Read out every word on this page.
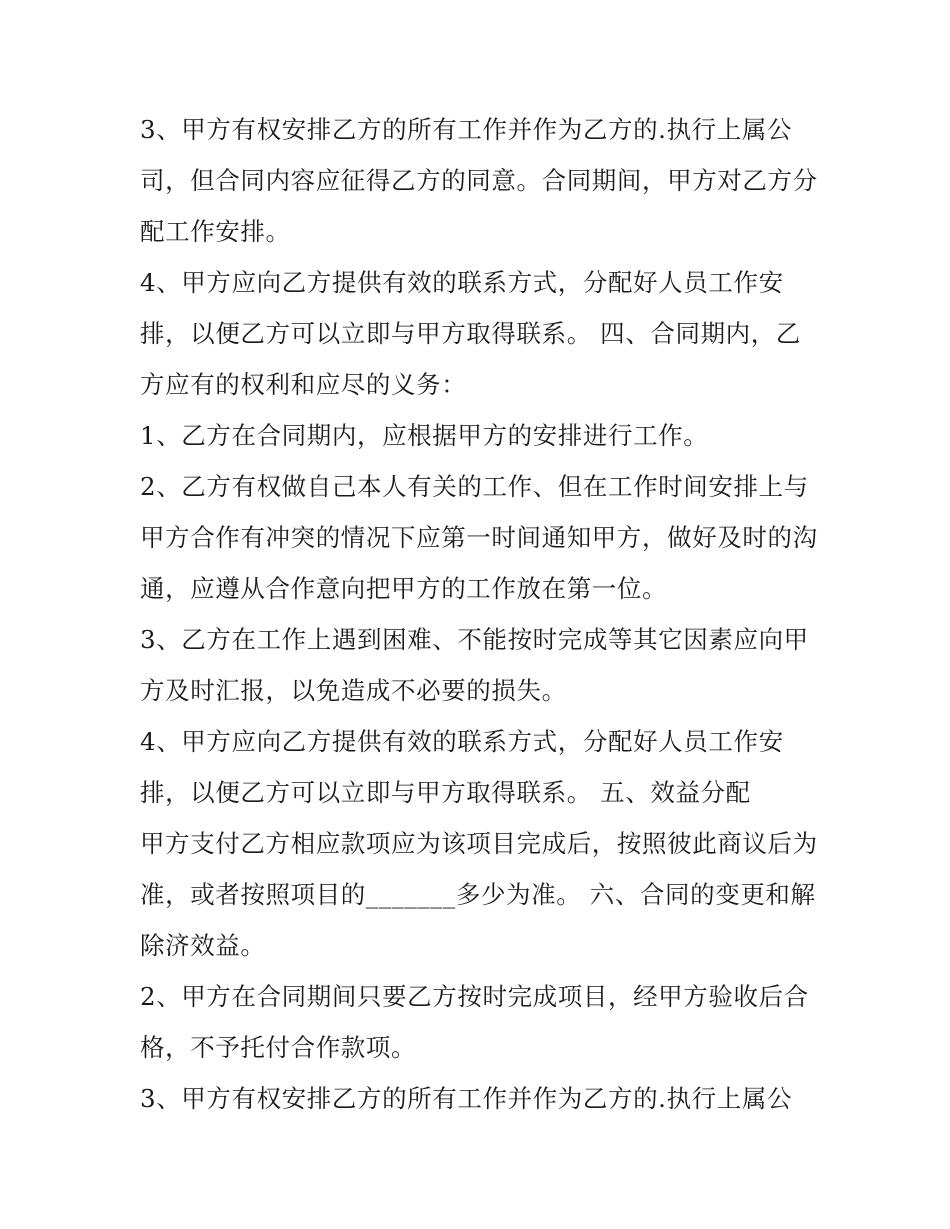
3、甲方有权安排乙方的所有工作并作为乙方的.执行上属公
司，但合同内容应征得乙方的同意。合同期间，甲方对乙方分
配工作安排。
4、甲方应向乙方提供有效的联系方式，分配好人员工作安
排，以便乙方可以立即与甲方取得联系。 四、合同期内，乙
方应有的权利和应尽的义务：
1、乙方在合同期内，应根据甲方的安排进行工作。
2、乙方有权做自己本人有关的工作、但在工作时间安排上与
甲方合作有冲突的情况下应第一时间通知甲方，做好及时的沟
通，应遵从合作意向把甲方的工作放在第一位。
3、乙方在工作上遇到困难、不能按时完成等其它因素应向甲
方及时汇报，以免造成不必要的损失。
4、甲方应向乙方提供有效的联系方式，分配好人员工作安
排，以便乙方可以立即与甲方取得联系。 五、效益分配
甲方支付乙方相应款项应为该项目完成后，按照彼此商议后为
准，或者按照项目的_______多少为准。 六、合同的变更和解
除济效益。
2、甲方在合同期间只要乙方按时完成项目，经甲方验收后合
格，不予托付合作款项。
3、甲方有权安排乙方的所有工作并作为乙方的.执行上属公
